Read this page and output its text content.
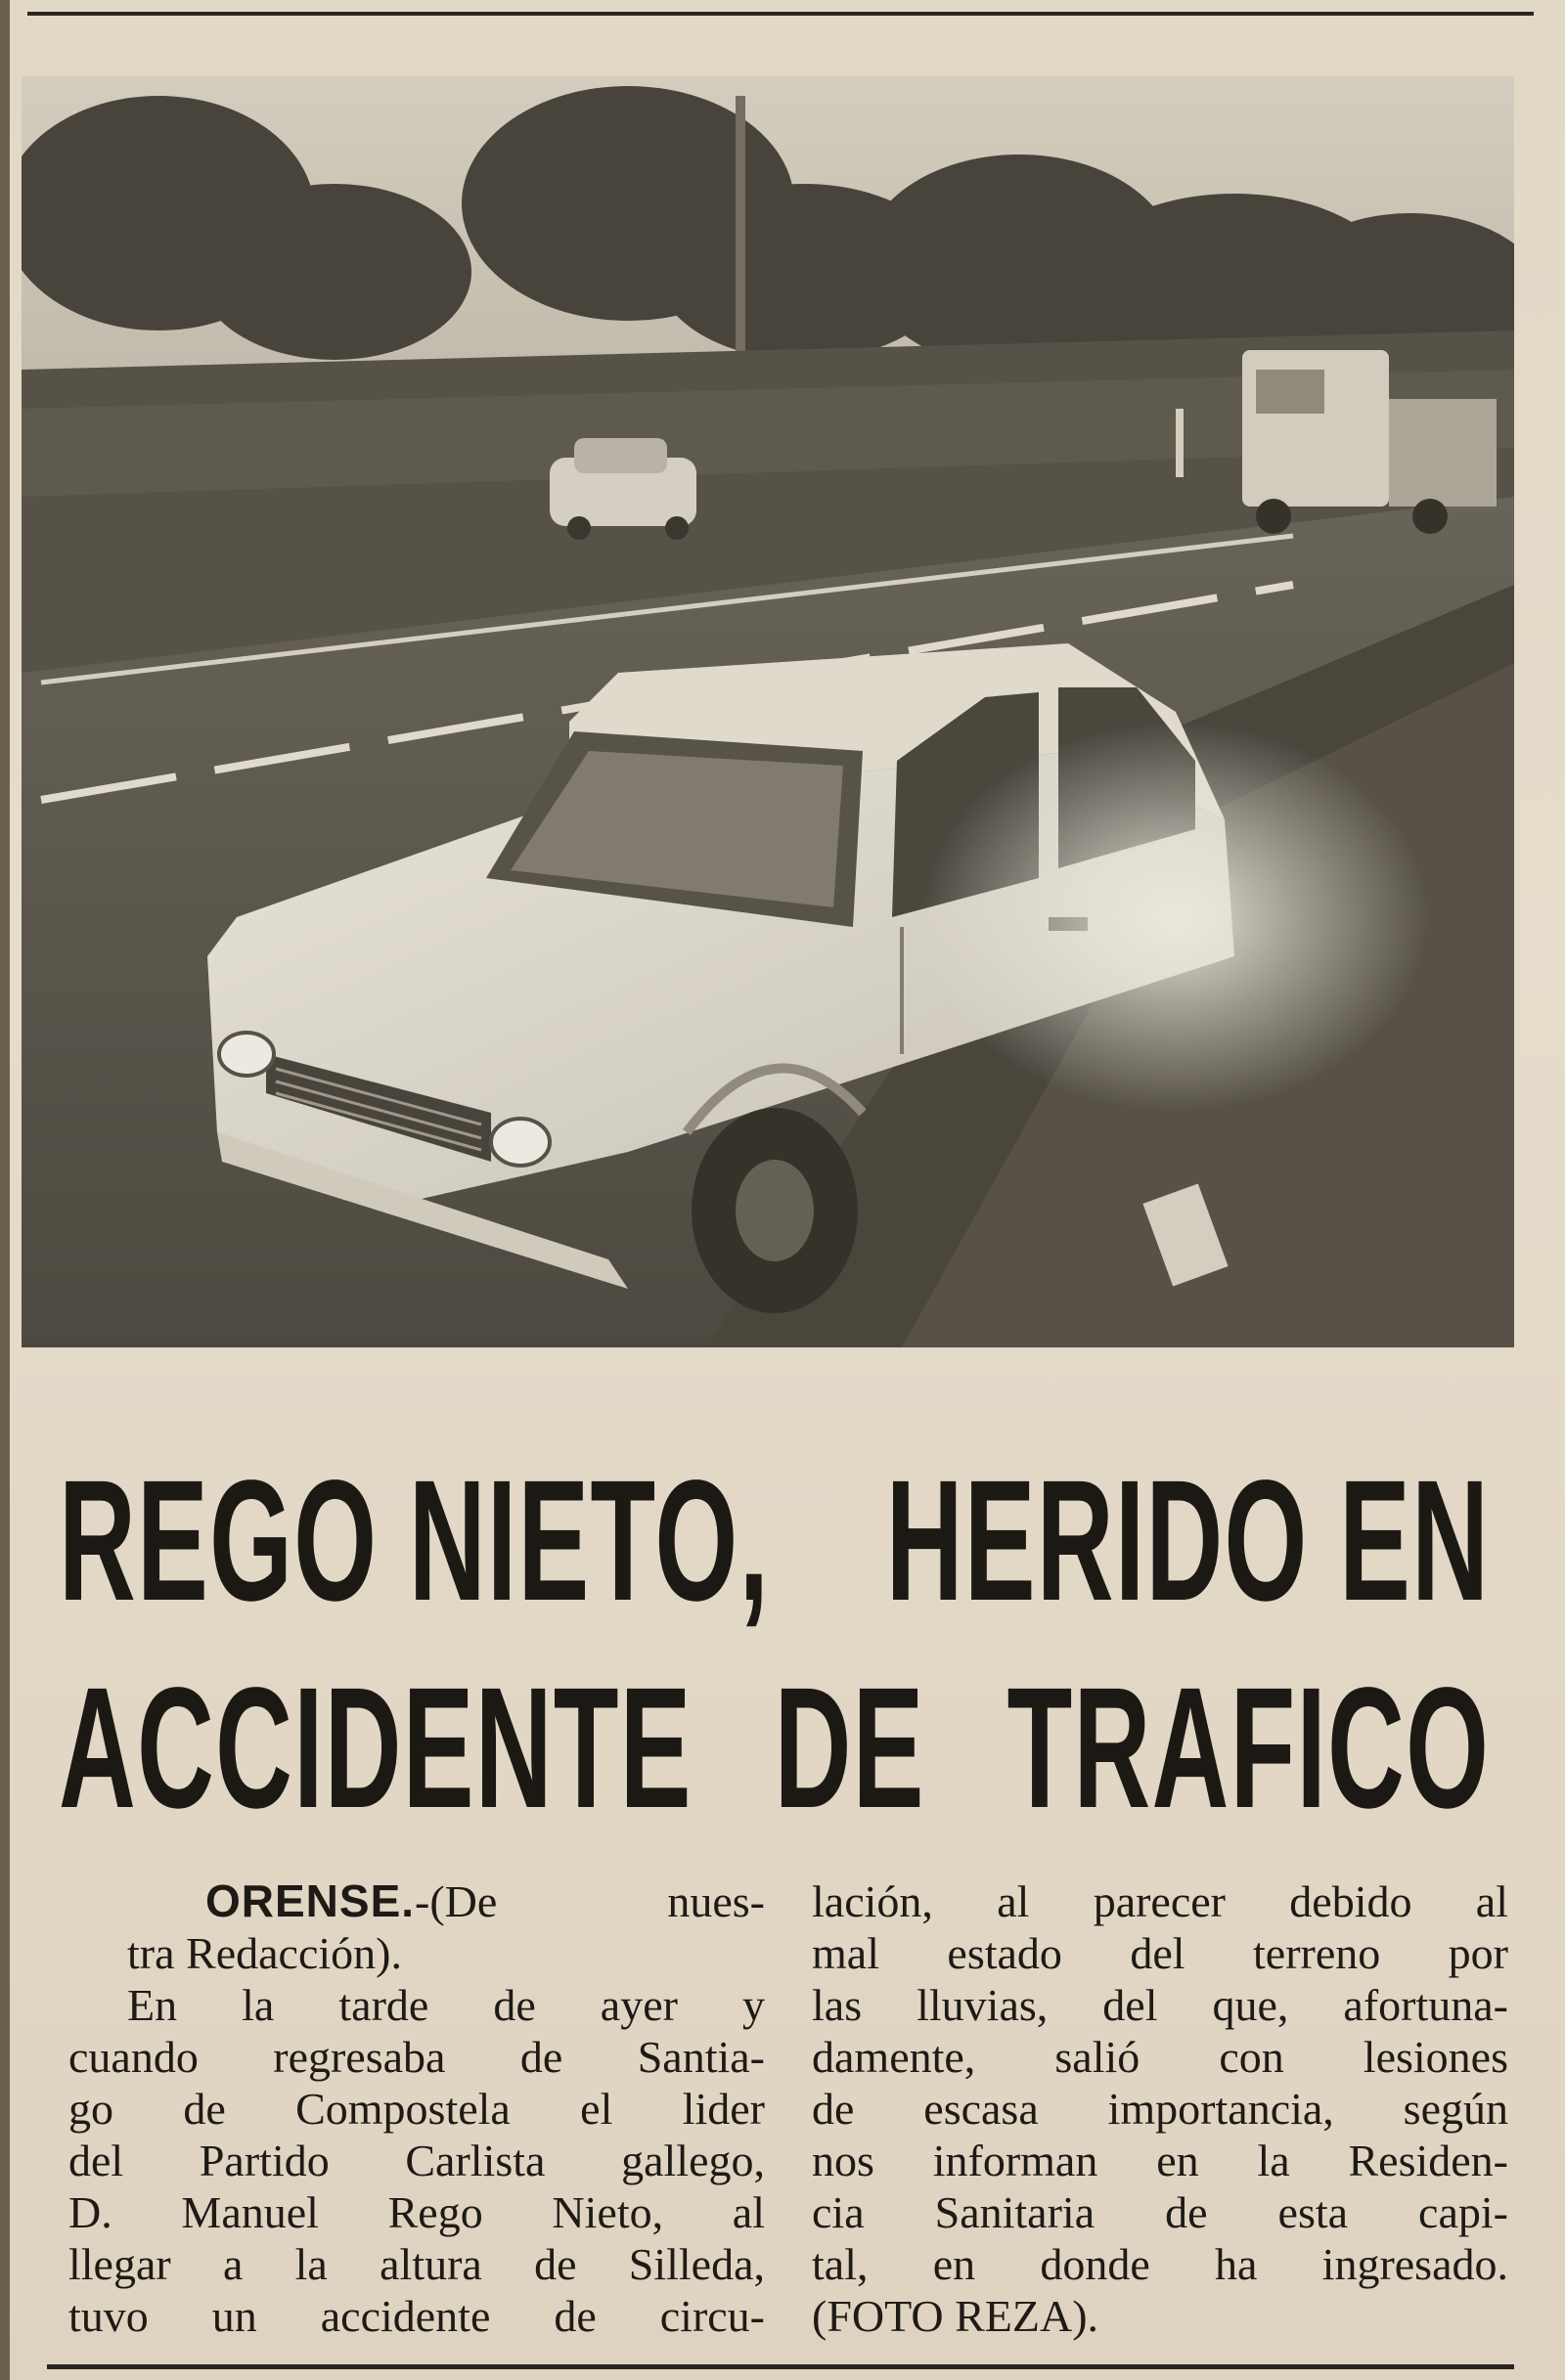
REGO NIETO, HERIDO EN
ACCIDENTE DE TRAFICO

ORENSE.-(De nues-

tra Redacción).

En la tarde de ayer y

cuando regresaba de Santia-

go de Compostela el lider

del Partido Carlista gallego,

D. Manuel Rego Nieto, al

llegar a la altura de Silleda,

tuvo un accidente de circu-

lación, al parecer debido al

mal estado del terreno por

las lluvias, del que, afortuna-

damente, salió con lesiones

de escasa importancia, según

nos informan en la Residen-

cia Sanitaria de esta capi-

tal, en donde ha ingresado.

(FOTO REZA).
